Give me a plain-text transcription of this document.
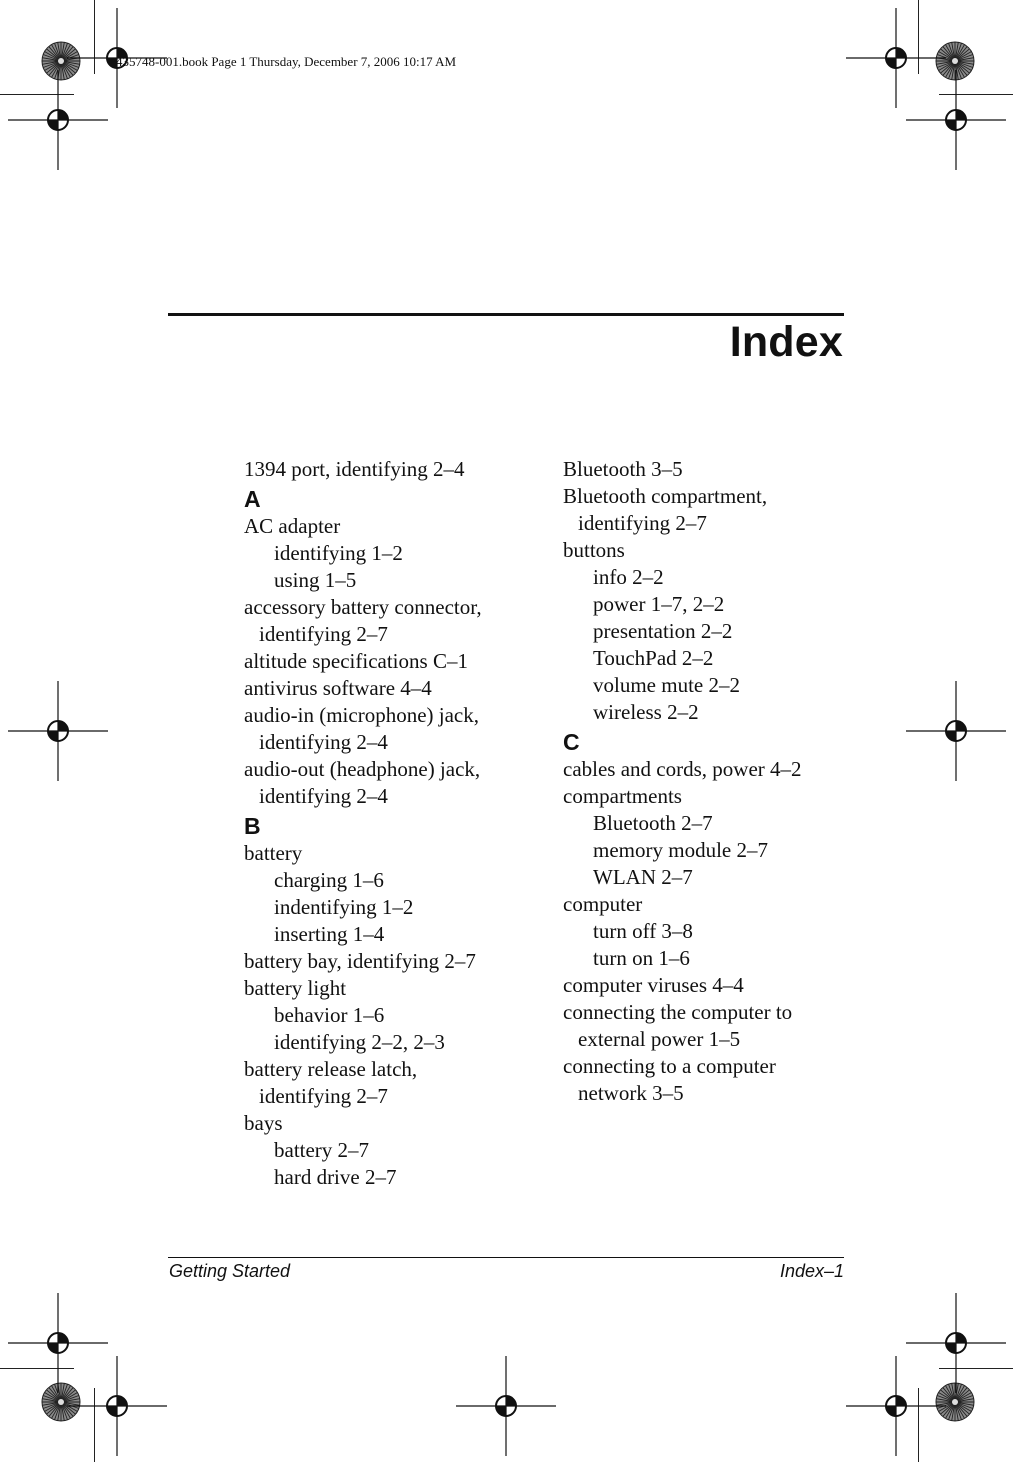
435748-001.book Page 1 Thursday, December 7, 2006 10:17 AM
Index
1394 port, identifying 2–4
A
AC adapter
identifying 1–2
using 1–5
accessory battery connector,
identifying 2–7
altitude specifications C–1
antivirus software 4–4
audio-in (microphone) jack,
identifying 2–4
audio-out (headphone) jack,
identifying 2–4
B
battery
charging 1–6
indentifying 1–2
inserting 1–4
battery bay, identifying 2–7
battery light
behavior 1–6
identifying 2–2, 2–3
battery release latch,
identifying 2–7
bays
battery 2–7
hard drive 2–7
Bluetooth 3–5
Bluetooth compartment,
identifying 2–7
buttons
info 2–2
power 1–7, 2–2
presentation 2–2
TouchPad 2–2
volume mute 2–2
wireless 2–2
C
cables and cords, power 4–2
compartments
Bluetooth 2–7
memory module 2–7
WLAN 2–7
computer
turn off 3–8
turn on 1–6
computer viruses 4–4
connecting the computer to
external power 1–5
connecting to a computer
network 3–5
Getting Started	Index–1
